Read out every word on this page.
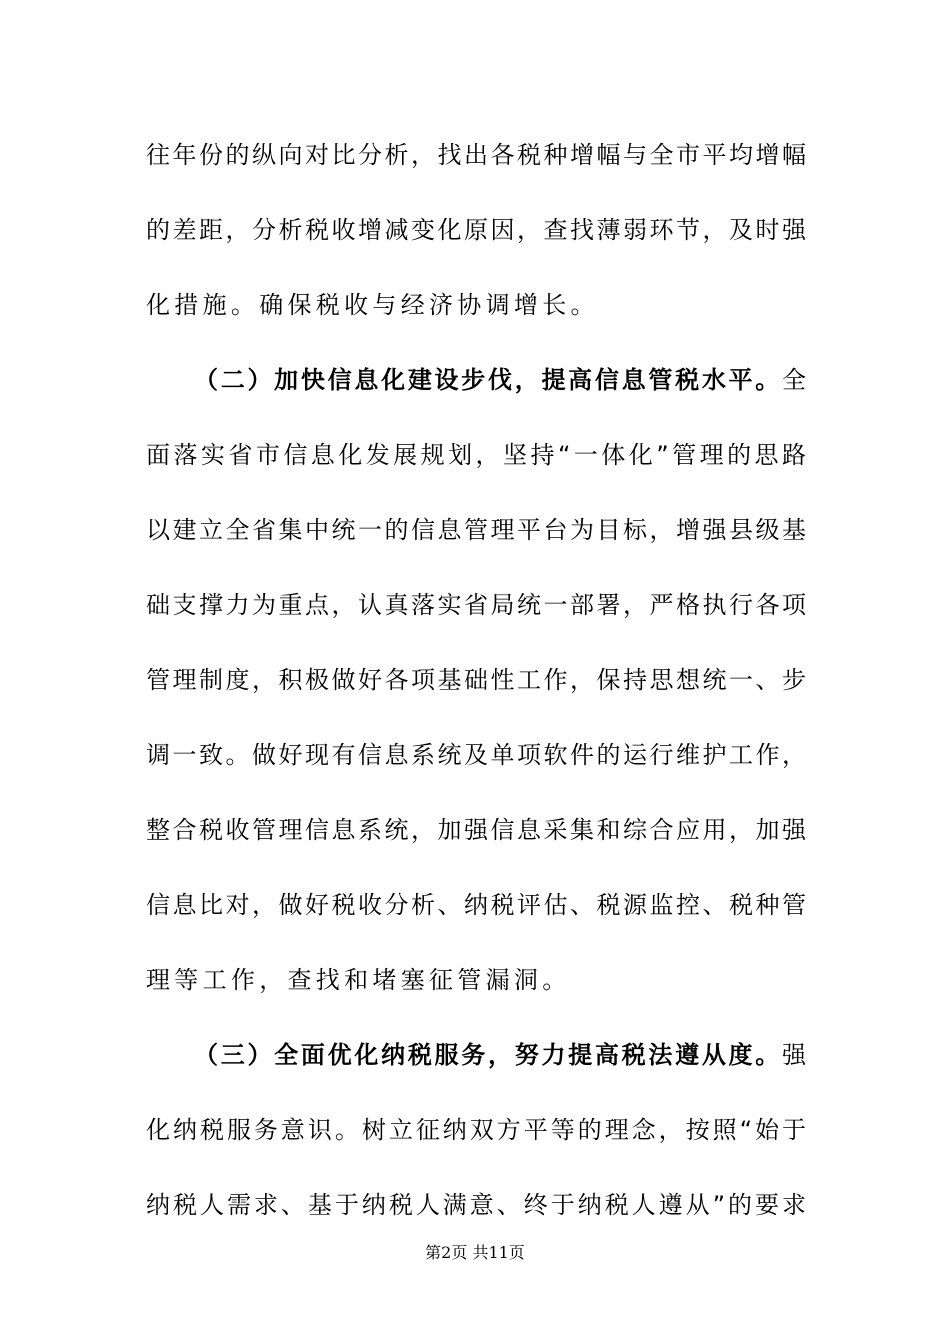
往年份的纵向对比分析，找出各税种增幅与全市平均增幅
的差距，分析税收增减变化原因，查找薄弱环节，及时强
化措施。确保税收与经济协调增长。
（二）加快信息化建设步伐，提高信息管税水平。全
面落实省市信息化发展规划，坚持“一体化”管理的思路
以建立全省集中统一的信息管理平台为目标，增强县级基
础支撑力为重点，认真落实省局统一部署，严格执行各项
管理制度，积极做好各项基础性工作，保持思想统一、步
调一致。做好现有信息系统及单项软件的运行维护工作，
整合税收管理信息系统，加强信息采集和综合应用，加强
信息比对，做好税收分析、纳税评估、税源监控、税种管
理等工作，查找和堵塞征管漏洞。
（三）全面优化纳税服务，努力提高税法遵从度。强
化纳税服务意识。树立征纳双方平等的理念，按照“始于
纳税人需求、基于纳税人满意、终于纳税人遵从”的要求
第2页 共11页
